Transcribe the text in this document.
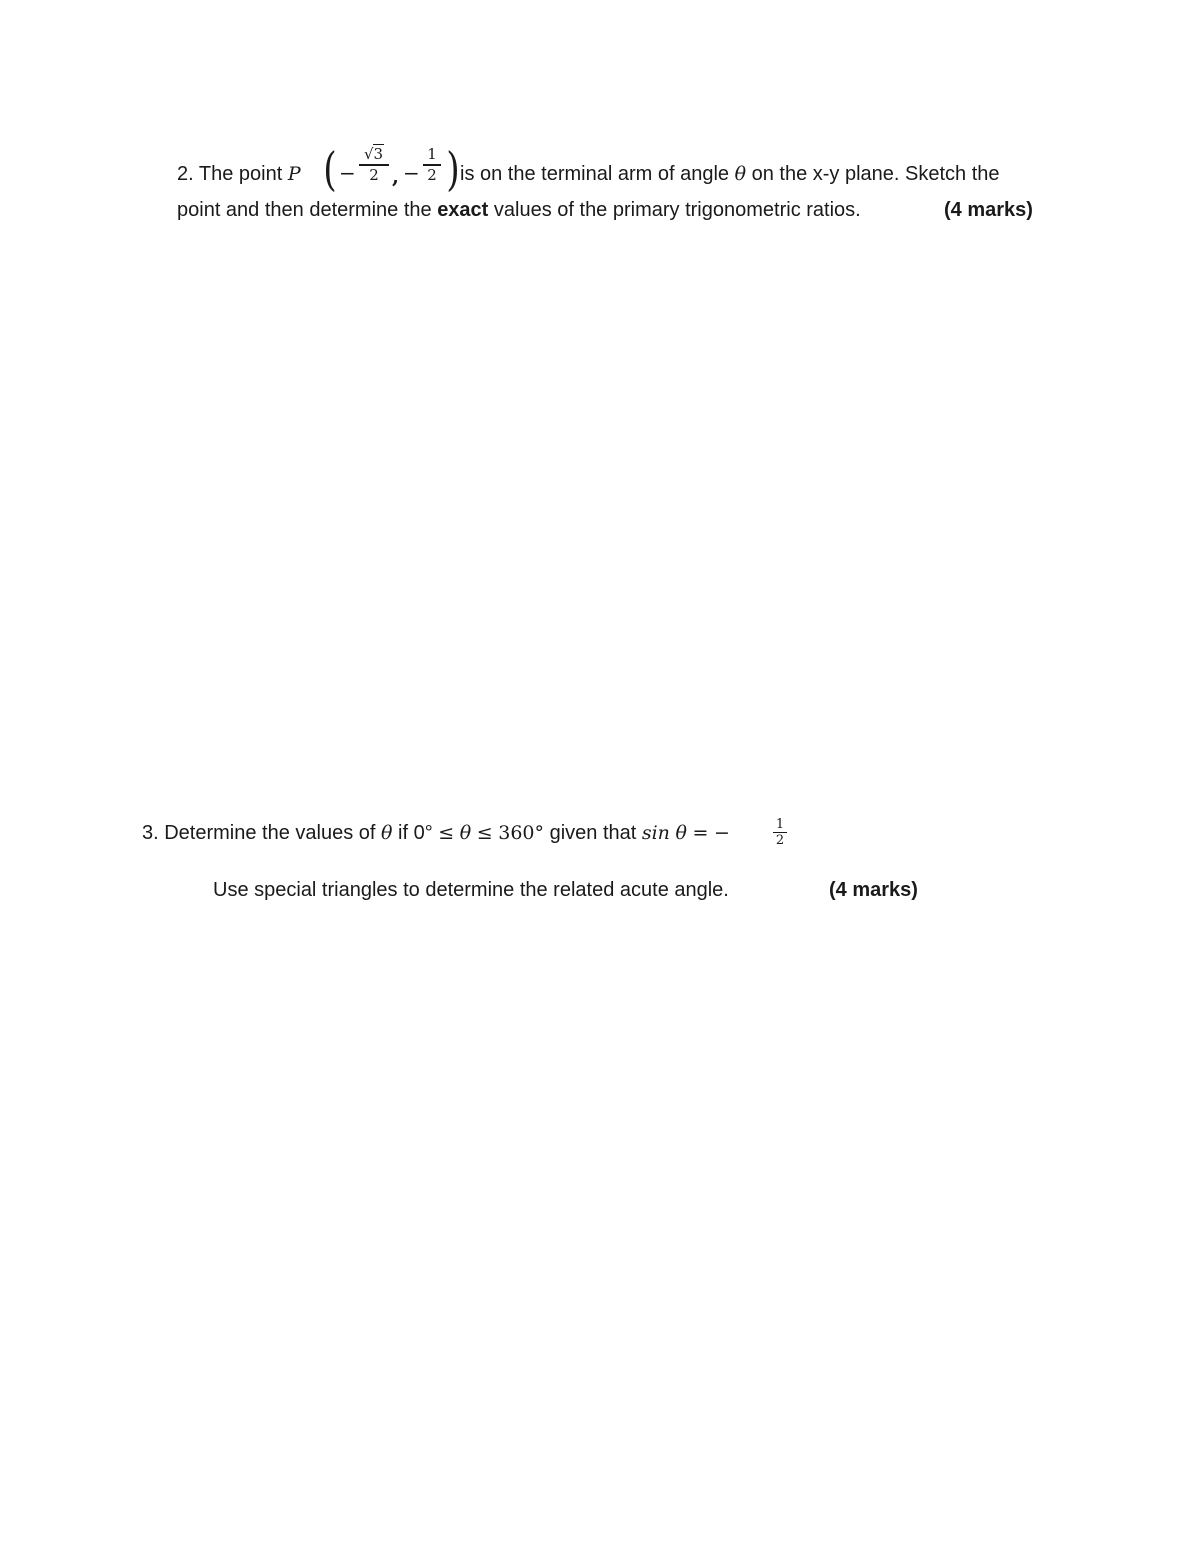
2. The point P ( −
√3
2 , −
1
2 ) is on the terminal arm of angle θ on the x-y plane. Sketch the
point and then determine the exact values of the primary trigonometric ratios.	(4 marks)
3. Determine the values of θ if 0° ≤ θ ≤ 360° given that sin θ = −	1
2
Use special triangles to determine the related acute angle.	(4 marks)
